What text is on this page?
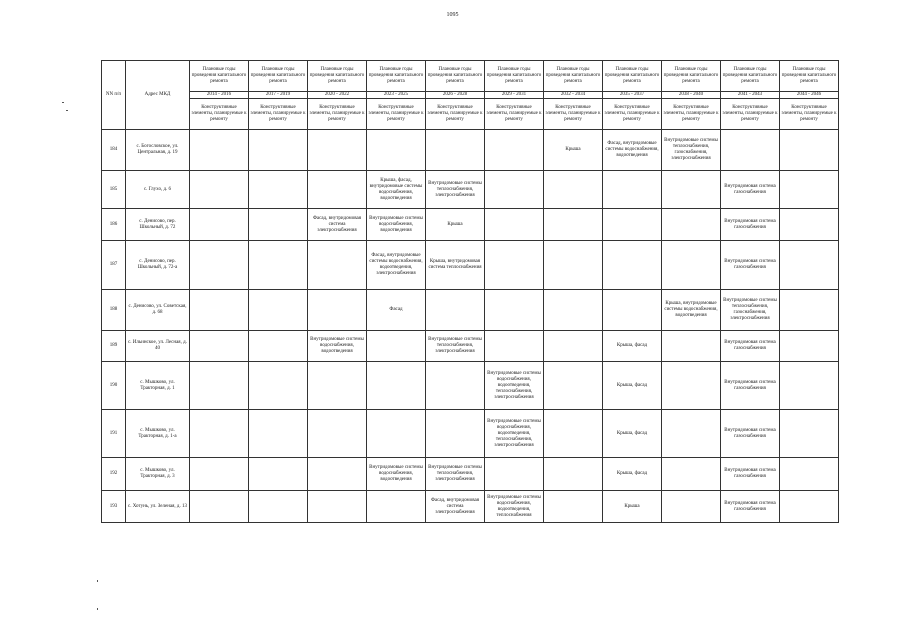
1095
NN п/п	Адрес МКД	Плановые годы проведения капитального ремонта	Плановые годы проведения капитального ремонта	Плановые годы проведения капитального ремонта	Плановые годы проведения капитального ремонта	Плановые годы проведения капитального ремонта	Плановые годы проведения капитального ремонта	Плановые годы проведения капитального ремонта	Плановые годы проведения капитального ремонта	Плановые годы проведения капитального ремонта	Плановые годы проведения капитального ремонта	Плановые годы проведения капитального ремонта
		2014 - 2016	2017 - 2019	2020 - 2022	2023 - 2025	2026 - 2028	2029 - 2031	2032 - 2034	2035 - 2037	2038 - 2040	2041 - 2043	2044 - 2046
		Конструктивные элементы, планируемые к ремонту	Конструктивные элементы, планируемые к ремонту	Конструктивные элементы, планируемые к ремонту	Конструктивные элементы, планируемые к ремонту	Конструктивные элементы, планируемые к ремонту	Конструктивные элементы, планируемые к ремонту	Конструктивные элементы, планируемые к ремонту	Конструктивные элементы, планируемые к ремонту	Конструктивные элементы, планируемые к ремонту	Конструктивные элементы, планируемые к ремонту	Конструктивные элементы, планируемые к ремонту
184	с. Богословское, ул. Центральная, д. 19							Крыша	Фасад, внутридомовые системы водоснабжения, водоотведения	Внутридомовые системы теплоснабжения, газоснабжения, электроснабжения		
185	с. Глухо, д. 6				Крыша, фасад, внутридомовые системы водоснабжения, водоотведения	Внутридомовые системы теплоснабжения, электроснабжения					Внутридомовая система газоснабжения	
186	с. Денисово, пер. Школьный, д. 72			Фасад, внутридомовая система электроснабжения	Внутридомовые системы водоснабжения, водоотведения	Крыша					Внутридомовая система газоснабжения	
187	с. Денисово, пер. Школьный, д. 72-а				Фасад, внутридомовые системы водоснабжения, водоотведения, электроснабжения	Крыша, внутридомовая система теплоснабжения					Внутридомовая система газоснабжения	
188	с. Денисово, ул. Советская, д. 68				Фасад					Крыша, внутридомовые системы водоснабжения, водоотведения	Внутридомовые системы теплоснабжения, газоснабжения, электроснабжения	
189	с. Ильинское, ул. Лесная, д. 40			Внутридомовые системы водоснабжения, водоотведения		Внутридомовые системы теплоснабжения, электроснабжения			Крыша, фасад		Внутридомовая система газоснабжения	
190	с. Мышково, ул. Тракторная, д. 1						Внутридомовые системы водоснабжения, водоотведения, теплоснабжения, электроснабжения		Крыша, фасад		Внутридомовая система газоснабжения	
191	с. Мышково, ул. Тракторная, д. 1-а						Внутридомовые системы водоснабжения, водоотведения, теплоснабжения, электроснабжения		Крыша, фасад		Внутридомовая система газоснабжения	
192	с. Мышково, ул. Тракторная, д. 3				Внутридомовые системы водоснабжения, водоотведения	Внутридомовые системы теплоснабжения, электроснабжения			Крыша, фасад		Внутридомовая система газоснабжения	
193	с. Хотунь, ул. Зеленая, д. 13					Фасад, внутридомовая система электроснабжения	Внутридомовые системы водоснабжения, водоотведения, теплоснабжения		Крыша		Внутридомовая система газоснабжения	
